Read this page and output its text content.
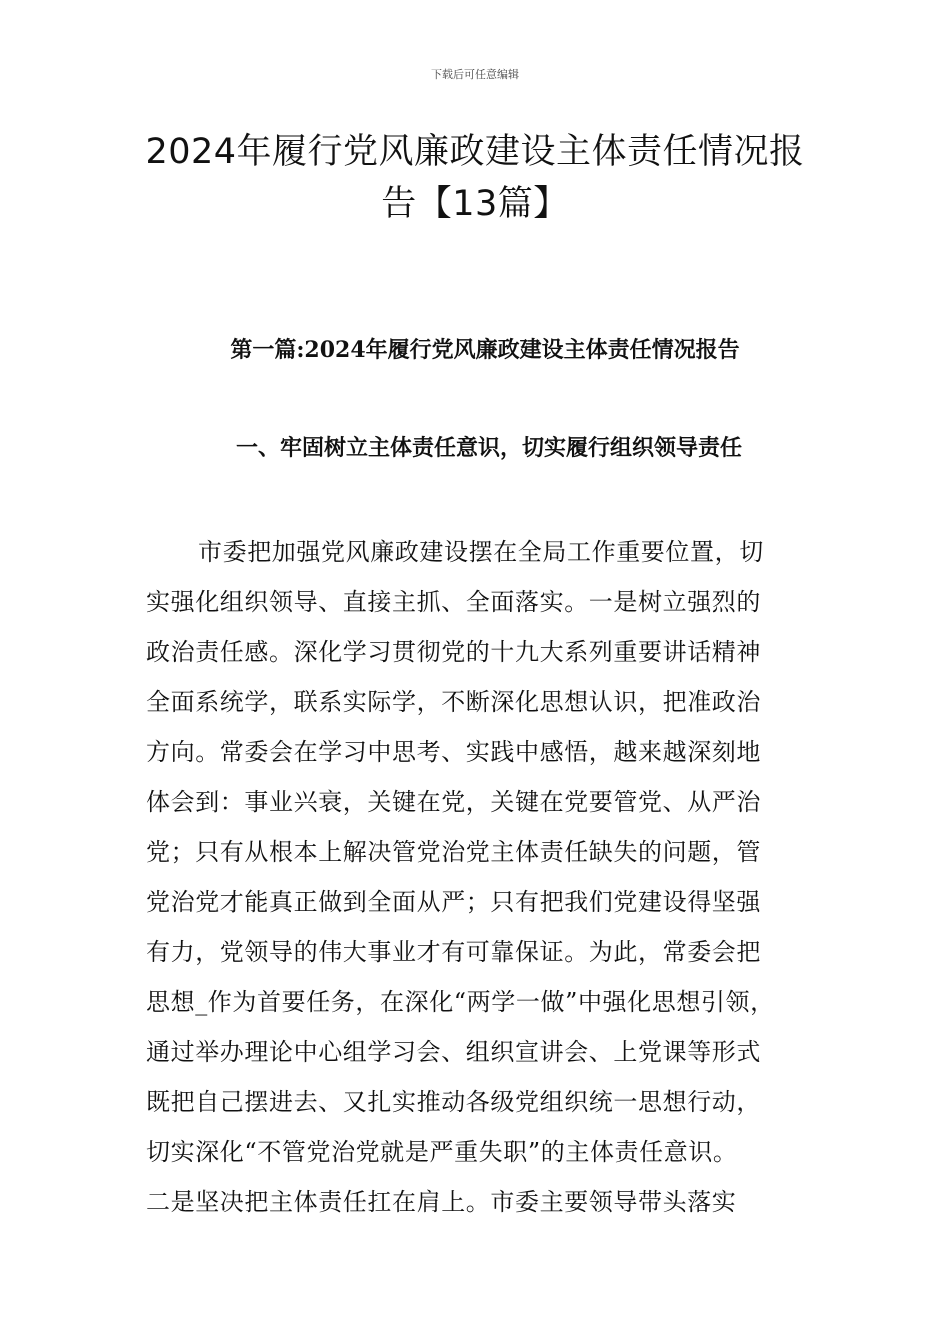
下载后可任意编辑
2024年履行党风廉政建设主体责任情况报
告【13篇】
第一篇:2024年履行党风廉政建设主体责任情况报告
一、牢固树立主体责任意识，切实履行组织领导责任

市委把加强党风廉政建设摆在全局工作重要位置，切
实强化组织领导、直接主抓、全面落实。一是树立强烈的
政治责任感。深化学习贯彻党的十九大系列重要讲话精神
全面系统学，联系实际学，不断深化思想认识，把准政治
方向。常委会在学习中思考、实践中感悟，越来越深刻地
体会到：事业兴衰，关键在党，关键在党要管党、从严治
党；只有从根本上解决管党治党主体责任缺失的问题，管
党治党才能真正做到全面从严；只有把我们党建设得坚强
有力，党领导的伟大事业才有可靠保证。为此，常委会把
思想_作为首要任务，在深化“两学一做”中强化思想引领，
通过举办理论中心组学习会、组织宣讲会、上党课等形式
既把自己摆进去、又扎实推动各级党组织统一思想行动，
切实深化“不管党治党就是严重失职”的主体责任意识。
二是坚决把主体责任扛在肩上。市委主要领导带头落实
